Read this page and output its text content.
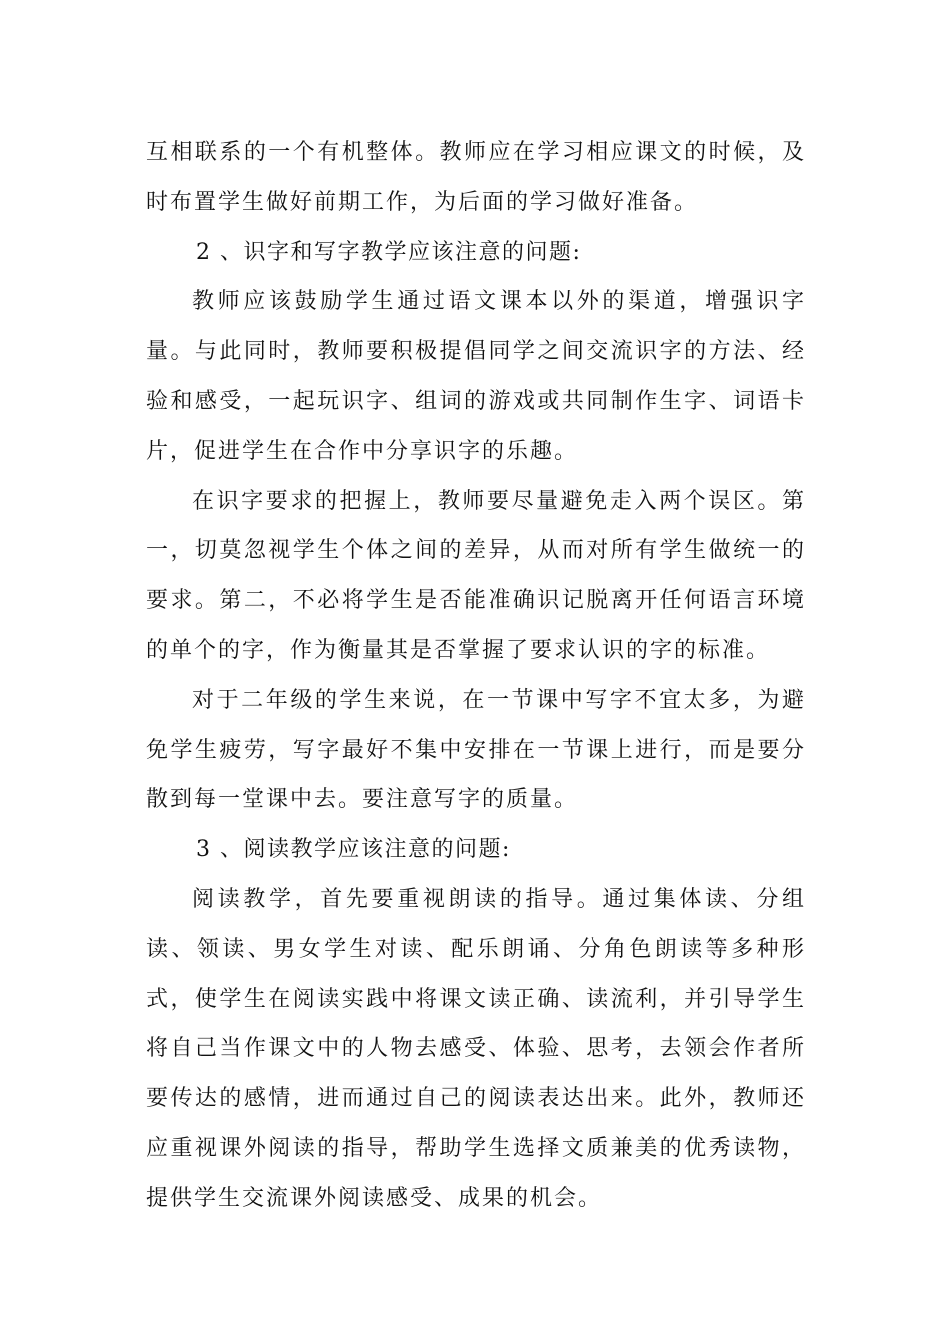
互相联系的一个有机整体。教师应在学习相应课文的时候，及时布置学生做好前期工作，为后面的学习做好准备。

2 、识字和写字教学应该注意的问题:

教师应该鼓励学生通过语文课本以外的渠道，增强识字量。与此同时，教师要积极提倡同学之间交流识字的方法、经验和感受，一起玩识字、组词的游戏或共同制作生字、词语卡片，促进学生在合作中分享识字的乐趣。

在识字要求的把握上，教师要尽量避免走入两个误区。第一，切莫忽视学生个体之间的差异，从而对所有学生做统一的要求。第二，不必将学生是否能准确识记脱离开任何语言环境的单个的字，作为衡量其是否掌握了要求认识的字的标准。

对于二年级的学生来说，在一节课中写字不宜太多，为避免学生疲劳，写字最好不集中安排在一节课上进行，而是要分散到每一堂课中去。要注意写字的质量。

3 、阅读教学应该注意的问题:

阅读教学，首先要重视朗读的指导。通过集体读、分组读、领读、男女学生对读、配乐朗诵、分角色朗读等多种形式，使学生在阅读实践中将课文读正确、读流利，并引导学生将自己当作课文中的人物去感受、体验、思考，去领会作者所要传达的感情，进而通过自己的阅读表达出来。此外，教师还应重视课外阅读的指导，帮助学生选择文质兼美的优秀读物，提供学生交流课外阅读感受、成果的机会。
